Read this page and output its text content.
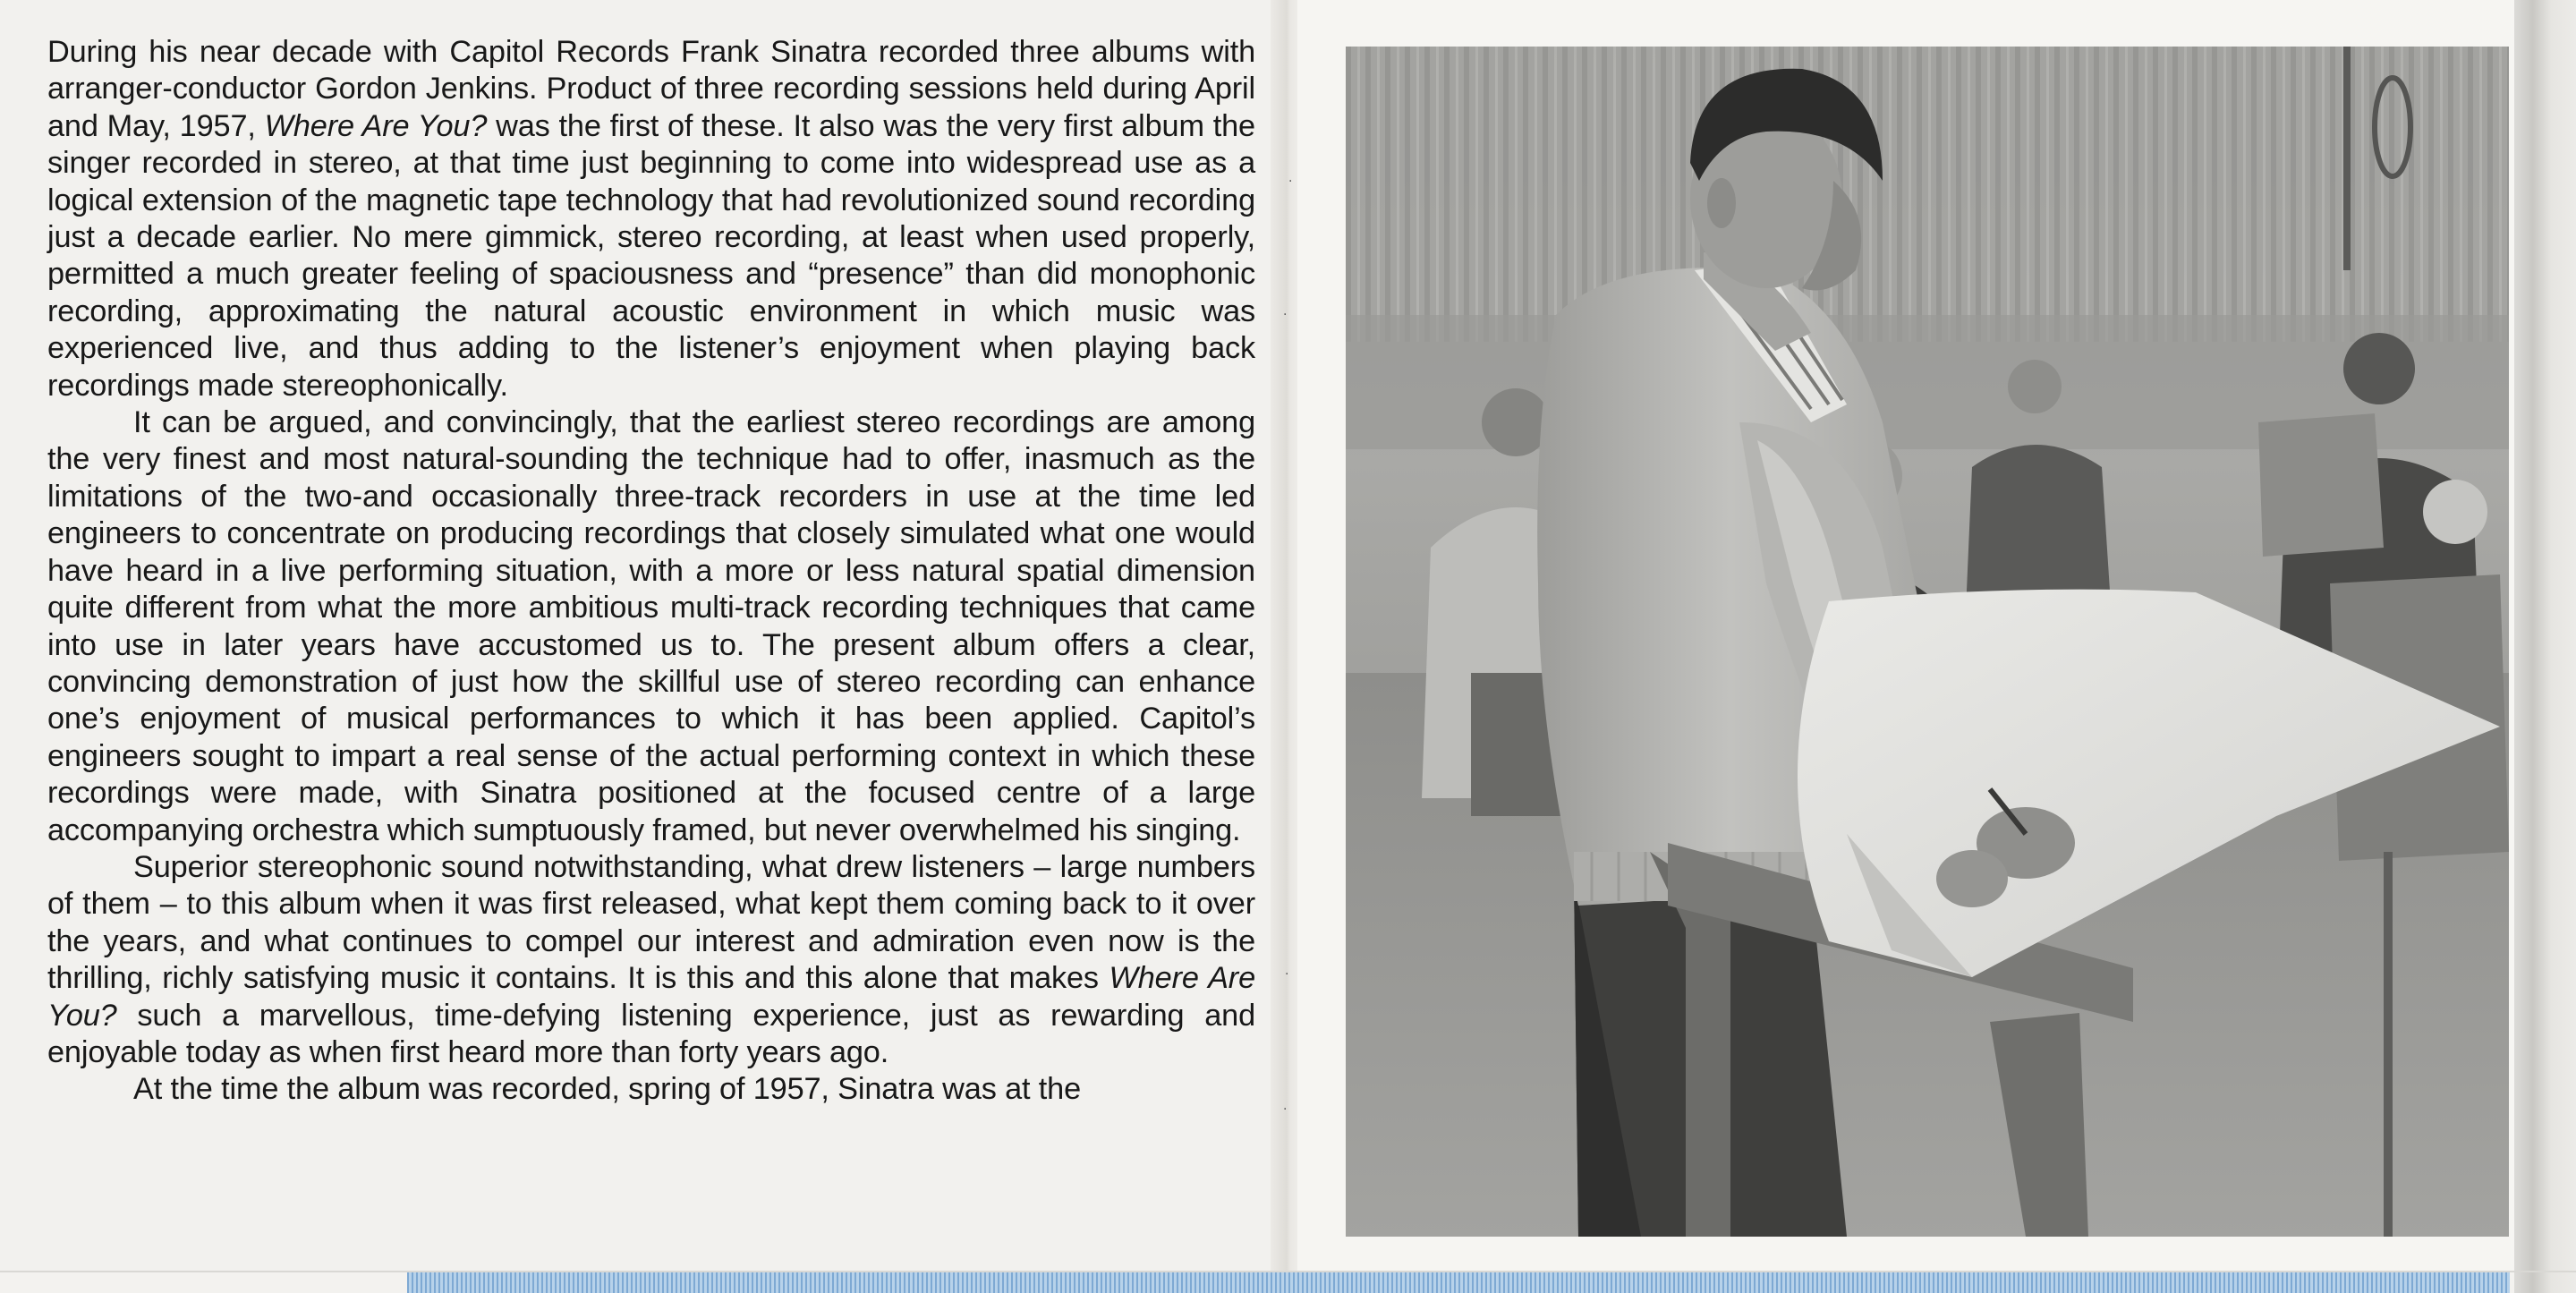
During his near decade with Capitol Records Frank Sinatra recorded three albums with arranger-conductor Gordon Jenkins. Product of three recording sessions held during April and May, 1957, Where Are You? was the first of these. It also was the very first album the singer recorded in stereo, at that time just beginning to come into widespread use as a logical extension of the magnetic tape technology that had revolutionized sound recording just a decade earlier. No mere gimmick, stereo recording, at least when used properly, permitted a much greater feeling of spaciousness and “presence” than did monophonic recording, approximating the natural acoustic environment in which music was experienced live, and thus adding to the listener’s enjoyment when playing back recordings made stereophonically.

It can be argued, and convincingly, that the earliest stereo recordings are among the very finest and most natural-sounding the technique had to offer, inasmuch as the limitations of the two-and occasionally three-track recorders in use at the time led engineers to concentrate on producing recordings that closely simulated what one would have heard in a live performing situation, with a more or less natural spatial dimension quite different from what the more ambitious multi-track recording techniques that came into use in later years have accustomed us to. The present album offers a clear, convincing demonstration of just how the skillful use of stereo recording can enhance one’s enjoyment of musical performances to which it has been applied. Capitol’s engineers sought to impart a real sense of the actual performing context in which these recordings were made, with Sinatra positioned at the focused centre of a large accompanying orchestra which sumptuously framed, but never overwhelmed his singing.

Superior stereophonic sound notwithstanding, what drew listeners – large numbers of them – to this album when it was first released, what kept them coming back to it over the years, and what continues to compel our interest and admiration even now is the thrilling, richly satisfying music it contains. It is this and this alone that makes Where Are You? such a marvellous, time-defying listening experience, just as rewarding and enjoyable today as when first heard more than forty years ago.

At the time the album was recorded, spring of 1957, Sinatra was at the

·
·
·
·
